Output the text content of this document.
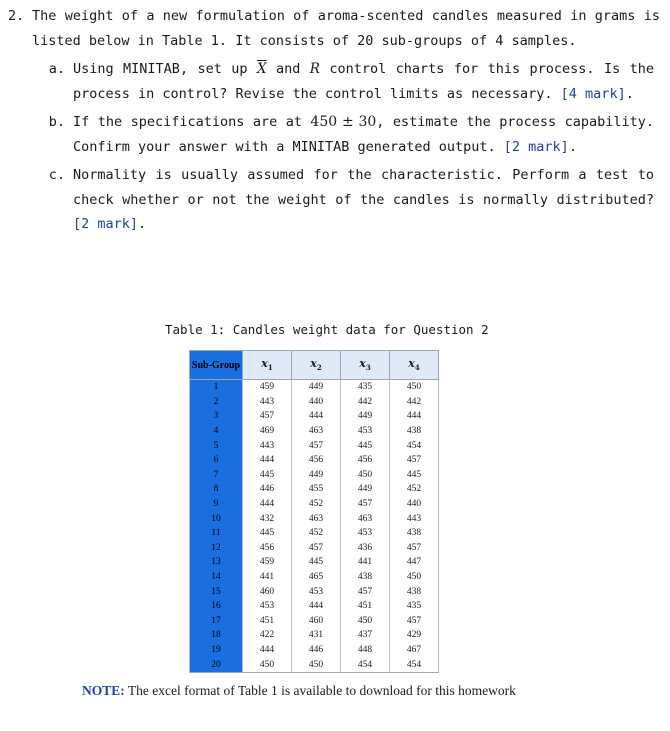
2. The weight of a new formulation of aroma-scented candles measured in grams is listed below in Table 1. It consists of 20 sub-groups of 4 samples.
a. Using MINITAB, set up $\overline{X}$ and R control charts for this process. Is the process in control? Revise the control limits as necessary. [4 mark].
b. If the specifications are at 450 ± 30, estimate the process capability. Confirm your answer with a MINITAB generated output. [2 mark].
c. Normality is usually assumed for the characteristic. Perform a test to check whether or not the weight of the candles is normally distributed? [2 mark].
Table 1: Candles weight data for Question 2
Sub-Group	$x_1$	$x_2$	$x_3$	$x_4$
1	459	449	435	450
2	443	440	442	442
3	457	444	449	444
4	469	463	453	438
5	443	457	445	454
6	444	456	456	457
7	445	449	450	445
8	446	455	449	452
9	444	452	457	440
10	432	463	463	443
11	445	452	453	438
12	456	457	436	457
13	459	445	441	447
14	441	465	438	450
15	460	453	457	438
16	453	444	451	435
17	451	460	450	457
18	422	431	437	429
19	444	446	448	467
20	450	450	454	454
NOTE: The excel format of Table 1 is available to download for this homework
